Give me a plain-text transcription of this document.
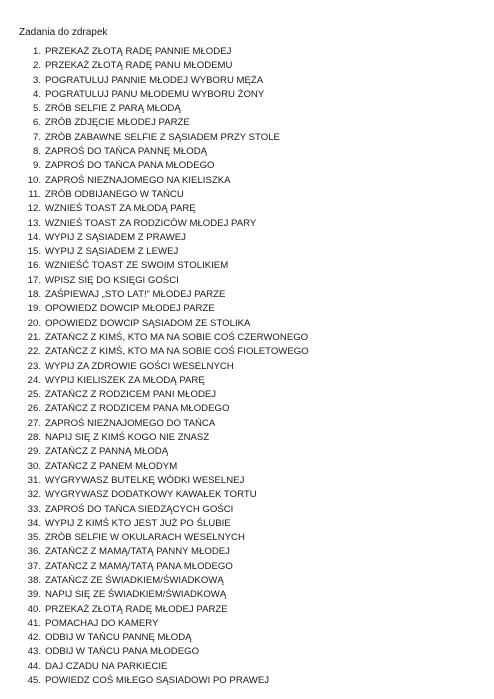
Zadania do zdrapek
1. PRZEKAŻ ZŁOTĄ RADĘ PANNIE MŁODEJ
2. PRZEKAŻ ZŁOTĄ RADĘ PANU MŁODEMU
3. POGRATULUJ PANNIE MŁODEJ WYBORU MĘŻA
4. POGRATULUJ PANU MŁODEMU WYBORU ŻONY
5. ZRÓB SELFIE Z PARĄ MŁODĄ
6. ZRÓB ZDJĘCIE MŁODEJ PARZE
7. ZRÓB ZABAWNE SELFIE Z SĄSIADEM PRZY STOLE
8. ZAPROŚ DO TAŃCA PANNĘ MŁODĄ
9. ZAPROŚ DO TAŃCA PANA MŁODEGO
10. ZAPROŚ NIEZNAJOMEGO NA KIELISZKA
11. ZRÓB ODBIJANEGO W TAŃCU
12. WZNIEŚ TOAST ZA MŁODĄ PARĘ
13. WZNIEŚ TOAST ZA RODZICÓW MŁODEJ PARY
14. WYPIJ Z SĄSIADEM Z PRAWEJ
15. WYPIJ Z SĄSIADEM Z LEWEJ
16. WZNIEŚĆ TOAST ZE SWOIM STOLIKIEM
17. WPISZ SIĘ DO KSIĘGI GOŚCI
18. ZAŚPIEWAJ „STO LAT!” MŁODEJ PARZE
19. OPOWIEDZ DOWCIP MŁODEJ PARZE
20. OPOWIEDZ DOWCIP SĄSIADOM ZE STOLIKA
21. ZATAŃCZ Z KIMŚ, KTO MA NA SOBIE COŚ CZERWONEGO
22. ZATAŃCZ Z KIMŚ, KTO MA NA SOBIE COŚ FIOLETOWEGO
23. WYPIJ ZA ZDROWIE GOŚCI WESELNYCH
24. WYPIJ KIELISZEK ZA MŁODĄ PARĘ
25. ZATAŃCZ Z RODZICEM PANI MŁODEJ
26. ZATAŃCZ Z RODZICEM PANA MŁODEGO
27. ZAPROŚ NIEZNAJOMEGO DO TAŃCA
28. NAPIJ SIĘ Z KIMŚ KOGO NIE ZNASZ
29. ZATAŃCZ Z PANNĄ MŁODĄ
30. ZATAŃCZ Z PANEM MŁODYM
31. WYGRYWASZ BUTELKĘ WÓDKI WESELNEJ
32. WYGRYWASZ DODATKOWY KAWAŁEK TORTU
33. ZAPROŚ DO TAŃCA SIEDZĄCYCH GOŚCI
34. WYPIJ Z KIMŚ KTO JEST JUŻ PO ŚLUBIE
35. ZRÓB SELFIE W OKULARACH WESELNYCH
36. ZATAŃCZ Z MAMĄ/TATĄ PANNY MŁODEJ
37. ZATAŃCZ Z MAMĄ/TATĄ PANA MŁODEGO
38. ZATAŃCZ ZE ŚWIADKIEM/ŚWIADKOWĄ
39. NAPIJ SIĘ ZE ŚWIADKIEM/ŚWIADKOWĄ
40. PRZEKAŻ ZŁOTĄ RADĘ MŁODEJ PARZE
41. POMACHAJ DO KAMERY
42. ODBIJ W TAŃCU PANNĘ MŁODĄ
43. ODBIJ W TAŃCU PANA MŁODEGO
44. DAJ CZADU NA PARKIECIE
45. POWIEDZ COŚ MIŁEGO SĄSIADOWI PO PRAWEJ
